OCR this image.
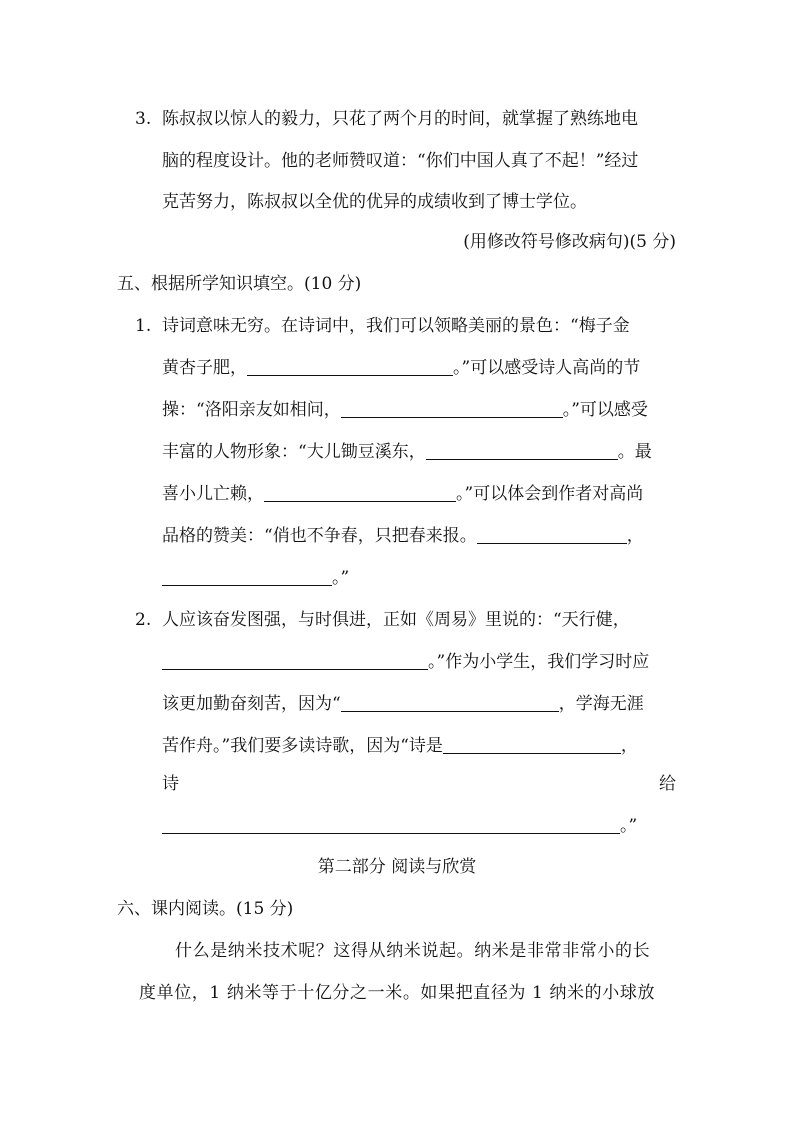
3. 陈叔叔以惊人的毅力，只花了两个月的时间，就掌握了熟练地电
脑的程度设计。他的老师赞叹道：“你们中国人真了不起！”经过
克苦努力，陈叔叔以全优的优异的成绩收到了博士学位。
(用修改符号修改病句)(5 分)
五、根据所学知识填空。(10 分)
1. 诗词意味无穷。在诗词中，我们可以领略美丽的景色：“梅子金
黄杏子肥，	。”可以感受诗人高尚的节
操：“洛阳亲友如相问，	。”可以感受
丰富的人物形象：“大儿锄豆溪东，	。最
喜小儿亡赖，	。”可以体会到作者对高尚
品格的赞美：“俏也不争春，只把春来报。	，
。”
2. 人应该奋发图强，与时俱进，正如《周易》里说的：“天行健，
。”作为小学生，我们学习时应
该更加勤奋刻苦，因为“	，学海无涯
苦作舟。”我们要多读诗歌，因为“诗是	，
诗	给
。”
第二部分 阅读与欣赏
六、课内阅读。(15 分)
什么是纳米技术呢？这得从纳米说起。纳米是非常非常小的长
度单位，1 纳米等于十亿分之一米。如果把直径为 1 纳米的小球放
